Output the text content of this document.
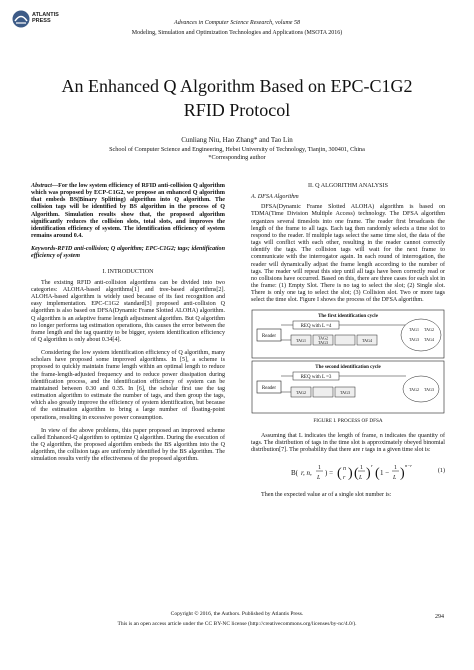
ATLANTIS
PRESS	Advances in Computer Science Research, volume 58
Modeling, Simulation and Optimization Technologies and Applications (MSOTA 2016)
An Enhanced Q Algorithm Based on EPC-C1G2
RFID Protocol
Cunliang Niu, Hao Zhang* and Tao Lin
School of Computer Science and Engineering, Hebei University of Technology, Tianjin, 300401, China
*Corresponding author
Abstract—For the low system efficiency of RFID anti-collision Q algorithm which was proposed by ECP-C1G2, we propose an enhanced Q algorithm that embeds BS(Binary Splitting) algorithm into Q algorithm. The collision tags will be identified by BS algorithm in the process of Q Algorithm. Simulation results show that, the proposed algorithm significantly reduces the collision slots, total slots, and improves the identification efficiency of system. The identification efficiency of system remains around 0.4.
Keywords-RFID anti-collision; Q algorithm; EPC-C1G2; tags; identification efficiency of system
I. INTRODUCTION

The existing RFID anti-collision algorithms can be divided into two categories: ALOHA-based algorithms[1] and tree-based algorithms[2]. ALOHA-based algorithm is widely used because of its fast recognition and easy implementation. EPC-C1G2 standard[3] proposed anti-collision Q algorithm is also based on DFSA(Dynamic Frame Slotted ALOHA) algorithm. Q algorithm is an adaptive frame length adjustment algorithm. But Q algorithm no longer performs tag estimation operations, this causes the error between the frame length and the tag quantity to be bigger, system identification efficiency of Q algorithm is only about 0.34[4].

Considering the low system identification efficiency of Q algorithm, many scholars have proposed some improved algorithms. In [5], a scheme is proposed to quickly maintain frame length within an optimal length to reduce the frame-length-adjusted frequency and to reduce power dissipation during identification process, and the identification efficiency of system can be maintained between 0.30 and 0.35. In [6], the scholar first use the tag estimation algorithm to estimate the number of tags, and then group the tags, which also greatly improve the efficiency of system identification, but because of the estimation algorithm to bring a large number of floating-point operations, resulting in excessive power consumption.

In view of the above problems, this paper proposed an improved scheme called Enhanced-Q algorithm to optimize Q algorithm. During the execution of the Q algorithm, the proposed algorithm embeds the BS algorithm into the Q algorithm, the collision tags are uniformly identified by the BS algorithm. The simulation results verify the effectiveness of the proposed algorithm.

II. Q ALGORITHM ANALYSIS
A. DFSA Algorithm

DFSA(Dynamic Frame Slotted ALOHA) algorithm is based on TDMA(Time Division Multiple Access) technology. The DFSA algorithm organizes several timeslots into one frame. The reader first broadcasts the length of the frame to all tags. Each tag then randomly selects a time slot to respond to the reader. If multiple tags select the same time slot, the data of the tags will conflict with each other, resulting in the reader cannot correctly identify the tags. The collision tags will wait for the next frame to communicate with the interrogator again. In each round of interrogation, the reader will dynamically adjust the frame length according to the number of tags. The reader will repeat this step until all tags have been correctly read or no collisions have occurred. Based on this, there are three cases for each slot in the frame: (1) Empty Slot. There is no tag to select the slot; (2) Single slot. There is only one tag to select the slot; (3) Collision slot. Two or more tags select the time slot. Figure I shows the process of the DFSA algorithm.

The first identification cycle
Reader
REQ with L =4
TAG1	TAG2
TAG3	TAG4
TAG1 TAG2
TAG3 TAG4
The second identification cycle
Reader
REQ with L =3
TAG2	TAG3
TAG2 TAG3
FIGURE I. PROCESS OF DFSA

Assuming that L indicates the length of frame, n indicates the quantity of tags. The distribution of tags in the time slot is approximately obeyed binomial distribution[7]. The probability that there are r tags in a given time slot is:

B( r, n,
1
L
) = ( n
r ) ( 1
L )
r
( 1 −
1
L )
n−r
(1)

Then the expected value ar of a single slot number is:

Copyright © 2016, the Authors. Published by Atlantis Press.
This is an open access article under the CC BY-NC license (http://creativecommons.org/licenses/by-nc/4.0/).
294
